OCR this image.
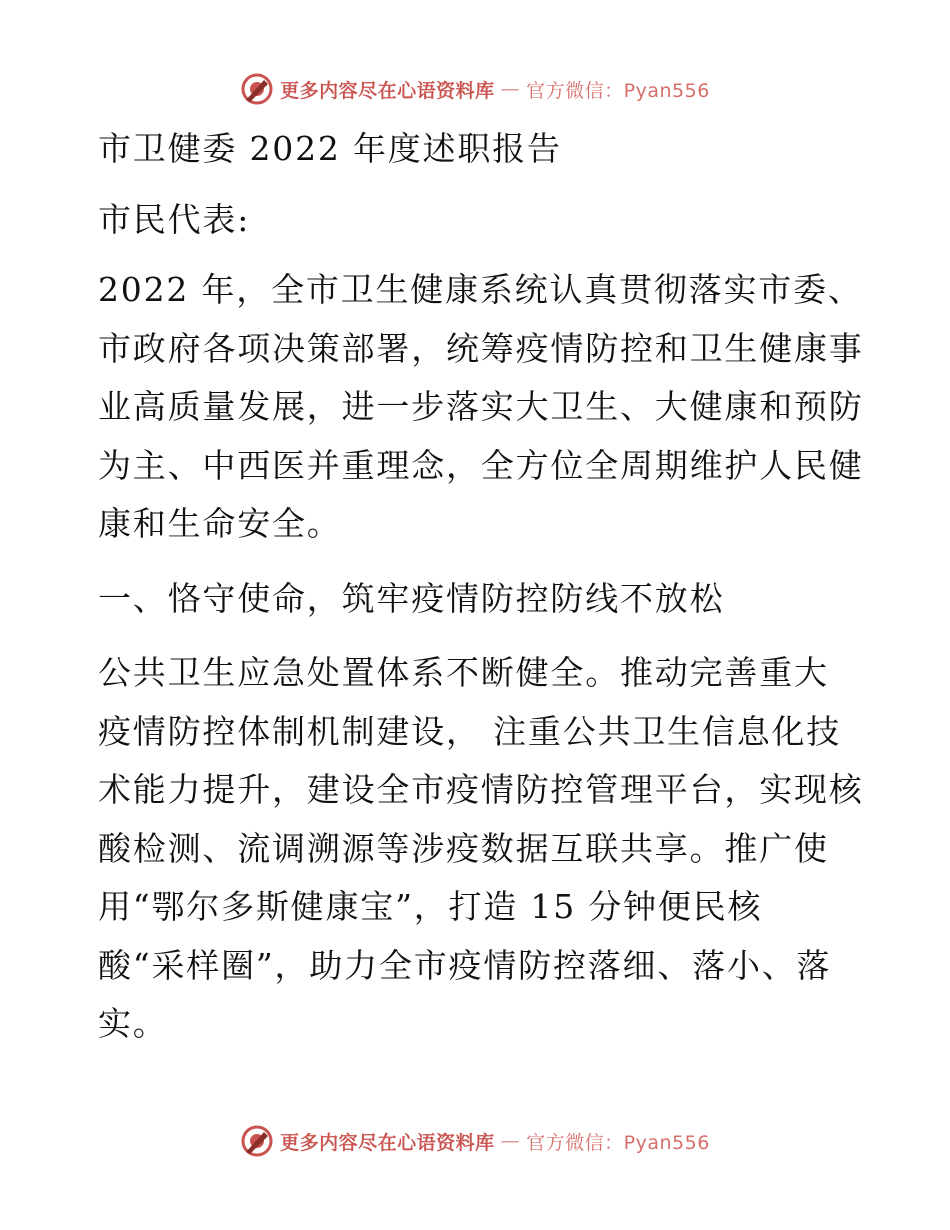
更多内容尽在心语资料库 — 官方微信：Pyan556

市卫健委 2022 年度述职报告

市民代表:

2022 年，全市卫生健康系统认真贯彻落实市委、

市政府各项决策部署，统筹疫情防控和卫生健康事

业高质量发展，进一步落实大卫生、大健康和预防

为主、中西医并重理念，全方位全周期维护人民健

康和生命安全。

一、恪守使命，筑牢疫情防控防线不放松

公共卫生应急处置体系不断健全。推动完善重大

疫情防控体制机制建设， 注重公共卫生信息化技

术能力提升，建设全市疫情防控管理平台，实现核

酸检测、流调溯源等涉疫数据互联共享。推广使

用“鄂尔多斯健康宝”，打造 15 分钟便民核

酸“采样圈”，助力全市疫情防控落细、落小、落

实。

更多内容尽在心语资料库 — 官方微信：Pyan556
